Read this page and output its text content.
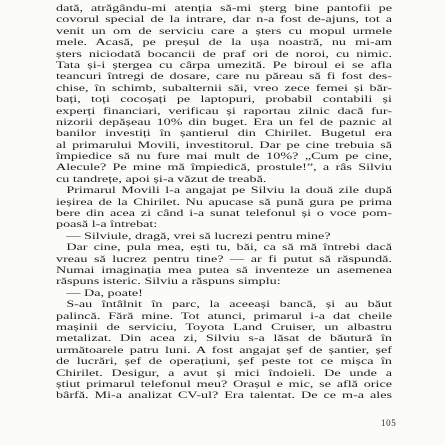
dată, atrăgându-mi atenția să-mi șterg bine pantofii pe
covorul special de la intrare, dar n-a fost de-ajuns, tot a
venit un om de serviciu care a șters cu mopul urmele
mele. Acasă, pe preșul de la ușa noastră, nu mi-am
șters niciodată bocancii de praf ori de noroi, cu nimic.
Tata și-i ștergea cu cârpa umezită. Pe biroul ei se afla
teancuri întregi de dosare, care nu păreau să fi fost des-
chise, în schimb, subalternii săi, vreo zece femei și băr-
bați, toți cocoșați pe laptopuri, probabil contabili și
experți financiari, verificau și raportau zilnic dacă fur-
nizorii depășeau 10% din buget. Era un fel de paznic al
banilor investiți în șantierul din Chirilet. Bugetul era
al primarului Movili, investitorul. Dar pe cine trebuia să
împiedice să nu fure mai mult de 10%? „Cum pe cine,
Alecule? Pe mine mă împiedică, prostule!”, a râs Silviu
cu tandrețe, apoi și-a văzut de treabă.
Primarul Movili l-a angajat pe Silviu la două zile după
ieșirea de la Chirilet. Nu apucase să pună gura pe prima
bere din acea zi când i-a sunat telefonul și o voce pom-
poasă l-a întrebat:
— Silviule, dragă, vrei să lucrezi pentru mine?
Dar cine, pula mea, ești tu, băi, ca să mă întrebi dacă
vreau să lucrez pentru tine? — ar fi putut să răspundă.
Numai imaginația mea putea să inventeze un asemenea
răspuns isteric. Silviu a răspuns simplu:
— Da, poate!
S-au întâlnit în parc, la aceeași bancă, și au băut
palincă. Fără mine. Tot atunci, primarul i-a dat cheile
mașinii de serviciu, Toyota Land Cruiser, un albastru
metalizat. Din acea zi, Silviu s-a lăsat de băutură în
următoarele patru luni. A fost angajat șef de șantier, șef
de lucrări, șef de operațiuni, șef peste tot ce mișca în
Chirilet. Desigur, a avut și mici îndoieli. De unde a
știut primarul telefonul meu? Orașul e mic, se află orice
bârfă. Mi-a analizat CV-ul? Era talentat. De ce m-a ales
105
